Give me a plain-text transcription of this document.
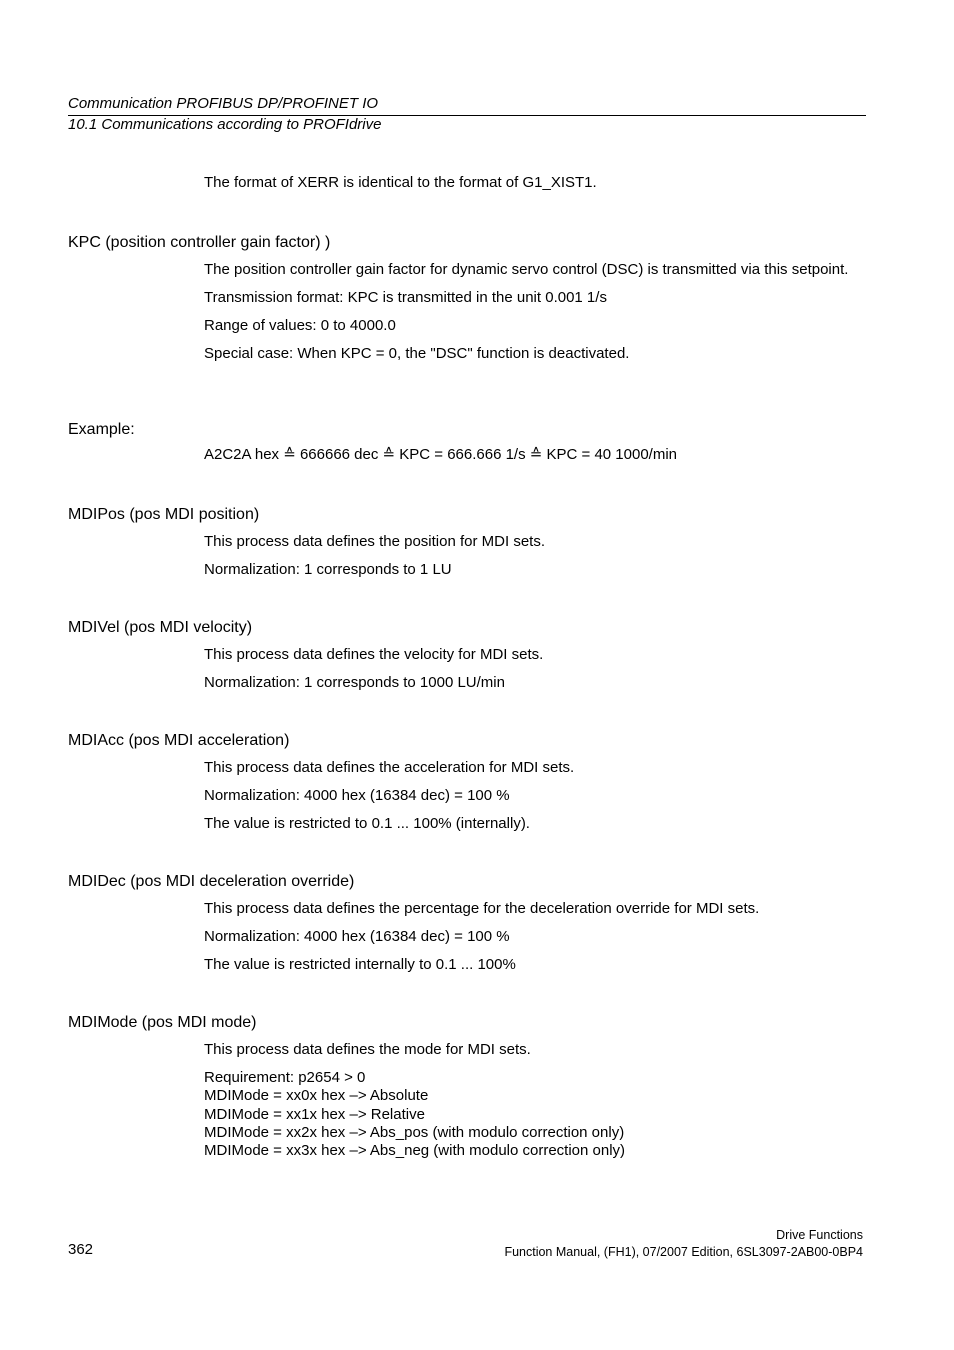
Communication PROFIBUS DP/PROFINET IO
10.1 Communications according to PROFIdrive
The format of XERR is identical to the format of G1_XIST1.
KPC (position controller gain factor) )

The position controller gain factor for dynamic servo control (DSC) is transmitted via this setpoint.

Transmission format: KPC is transmitted in the unit 0.001 1/s

Range of values: 0 to 4000.0

Special case: When KPC = 0, the "DSC" function is deactivated.

Example:

A2C2A hex ≙ 666666 dec ≙ KPC = 666.666 1/s ≙ KPC = 40 1000/min

MDIPos (pos MDI position)

This process data defines the position for MDI sets.

Normalization: 1 corresponds to 1 LU

MDIVel (pos MDI velocity)

This process data defines the velocity for MDI sets.

Normalization: 1 corresponds to 1000 LU/min

MDIAcc (pos MDI acceleration)

This process data defines the acceleration for MDI sets.

Normalization: 4000 hex (16384 dec) = 100 %

The value is restricted to 0.1 ... 100% (internally).

MDIDec (pos MDI deceleration override)

This process data defines the percentage for the deceleration override for MDI sets.

Normalization: 4000 hex (16384 dec) = 100 %

The value is restricted internally to 0.1 ... 100%

MDIMode (pos MDI mode)

This process data defines the mode for MDI sets.

Requirement: p2654 > 0
MDIMode = xx0x hex –> Absolute
MDIMode = xx1x hex –> Relative
MDIMode = xx2x hex –> Abs_pos (with modulo correction only)
MDIMode = xx3x hex –> Abs_neg (with modulo correction only)
Drive Functions
Function Manual, (FH1), 07/2007 Edition, 6SL3097-2AB00-0BP4
362
